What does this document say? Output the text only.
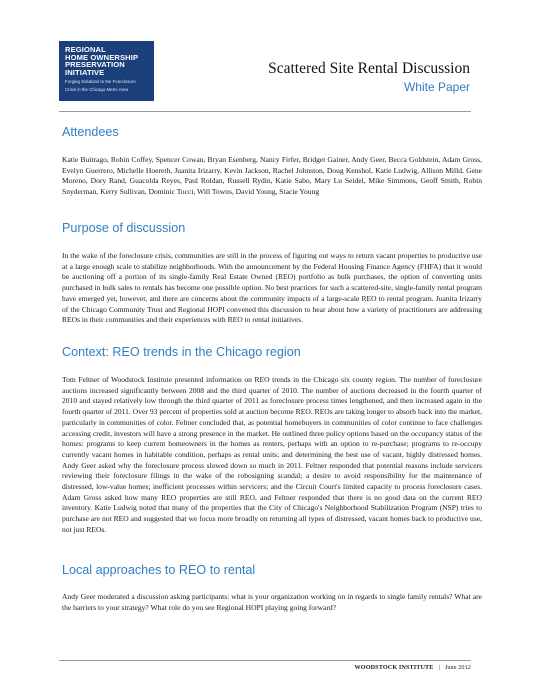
REGIONAL
HOME OWNERSHIP
PRESERVATION
INITIATIVE
Forging Solutions to the Foreclosure
Crisis in the Chicago Metro Area
Scattered Site Rental Discussion
White Paper
Attendees

Katie Buitrago, Robin Coffey, Spencer Cowan, Bryan Esenberg, Nancy Firfer, Bridget Gainer, Andy Geer, Becca Goldstein, Adam Gross, Evelyn Guerrero, Michelle Hoereth, Juanita Irizarry, Kevin Jackson, Rachel Johnston, Doug Kenshol, Katie Ludwig, Allison Milld, Gene Moreno, Dory Rand, Guacolda Reyes, Paul Roldan, Russell Rydin, Katie Sabo, Mary Lu Seidel, Mike Simmons, Geoff Smith, Robin Snyderman, Kerry Sullivan, Dominic Tocci, Will Towns, David Young, Stacie Young

Purpose of discussion

In the wake of the foreclosure crisis, communities are still in the process of figuring out ways to return vacant properties to productive use at a large enough scale to stabilize neighborhoods. With the announcement by the Federal Housing Finance Agency (FHFA) that it would be auctioning off a portion of its single-family Real Estate Owned (REO) portfolio as bulk purchases, the option of converting units purchased in bulk sales to rentals has become one possible option. No best practices for such a scattered-site, single-family rental program have emerged yet, however, and there are concerns about the community impacts of a large-scale REO to rental program. Juanita Irizarry of the Chicago Community Trust and Regional HOPI convened this discussion to hear about how a variety of practitioners are addressing REOs in their communities and their experiences with REO to rental initiatives.

Context: REO trends in the Chicago region

Tom Feltner of Woodstock Institute presented information on REO trends in the Chicago six county region. The number of foreclosure auctions increased significantly between 2008 and the third quarter of 2010. The number of auctions decreased in the fourth quarter of 2010 and stayed relatively low through the third quarter of 2011 as foreclosure process times lengthened, and then increased again in the fourth quarter of 2011. Over 93 percent of properties sold at auction become REO. REOs are taking longer to absorb back into the market, particularly in communities of color. Feltner concluded that, as potential homebuyers in communities of color continue to face challenges accessing credit, investors will have a strong presence in the market. He outlined three policy options based on the occupancy status of the homes: programs to keep current homeowners in the homes as renters, perhaps with an option to re-purchase; programs to re-occupy currently vacant homes in habitable condition, perhaps as rental units; and determining the best use of vacant, highly distressed homes. Andy Geer asked why the foreclosure process slowed down so much in 2011. Feltner responded that potential reasons include servicers reviewing their foreclosure filings in the wake of the robosigning scandal; a desire to avoid responsibility for the maintenance of distressed, low-value homes; inefficient processes within servicers; and the Circuit Court's limited capacity to process foreclosure cases. Adam Gross asked how many REO properties are still REO, and Feltner responded that there is no good data on the current REO inventory. Katie Ludwig noted that many of the properties that the City of Chicago's Neighborhood Stabilization Program (NSP) tries to purchase are not REO and suggested that we focus more broadly on returning all types of distressed, vacant homes back to productive use, not just REOs.

Local approaches to REO to rental

Andy Geer moderated a discussion asking participants: what is your organization working on in regards to single family rentals? What are the barriers to your strategy? What role do you see Regional HOPI playing going forward?

WOODSTOCK INSTITUTE | June 2012
